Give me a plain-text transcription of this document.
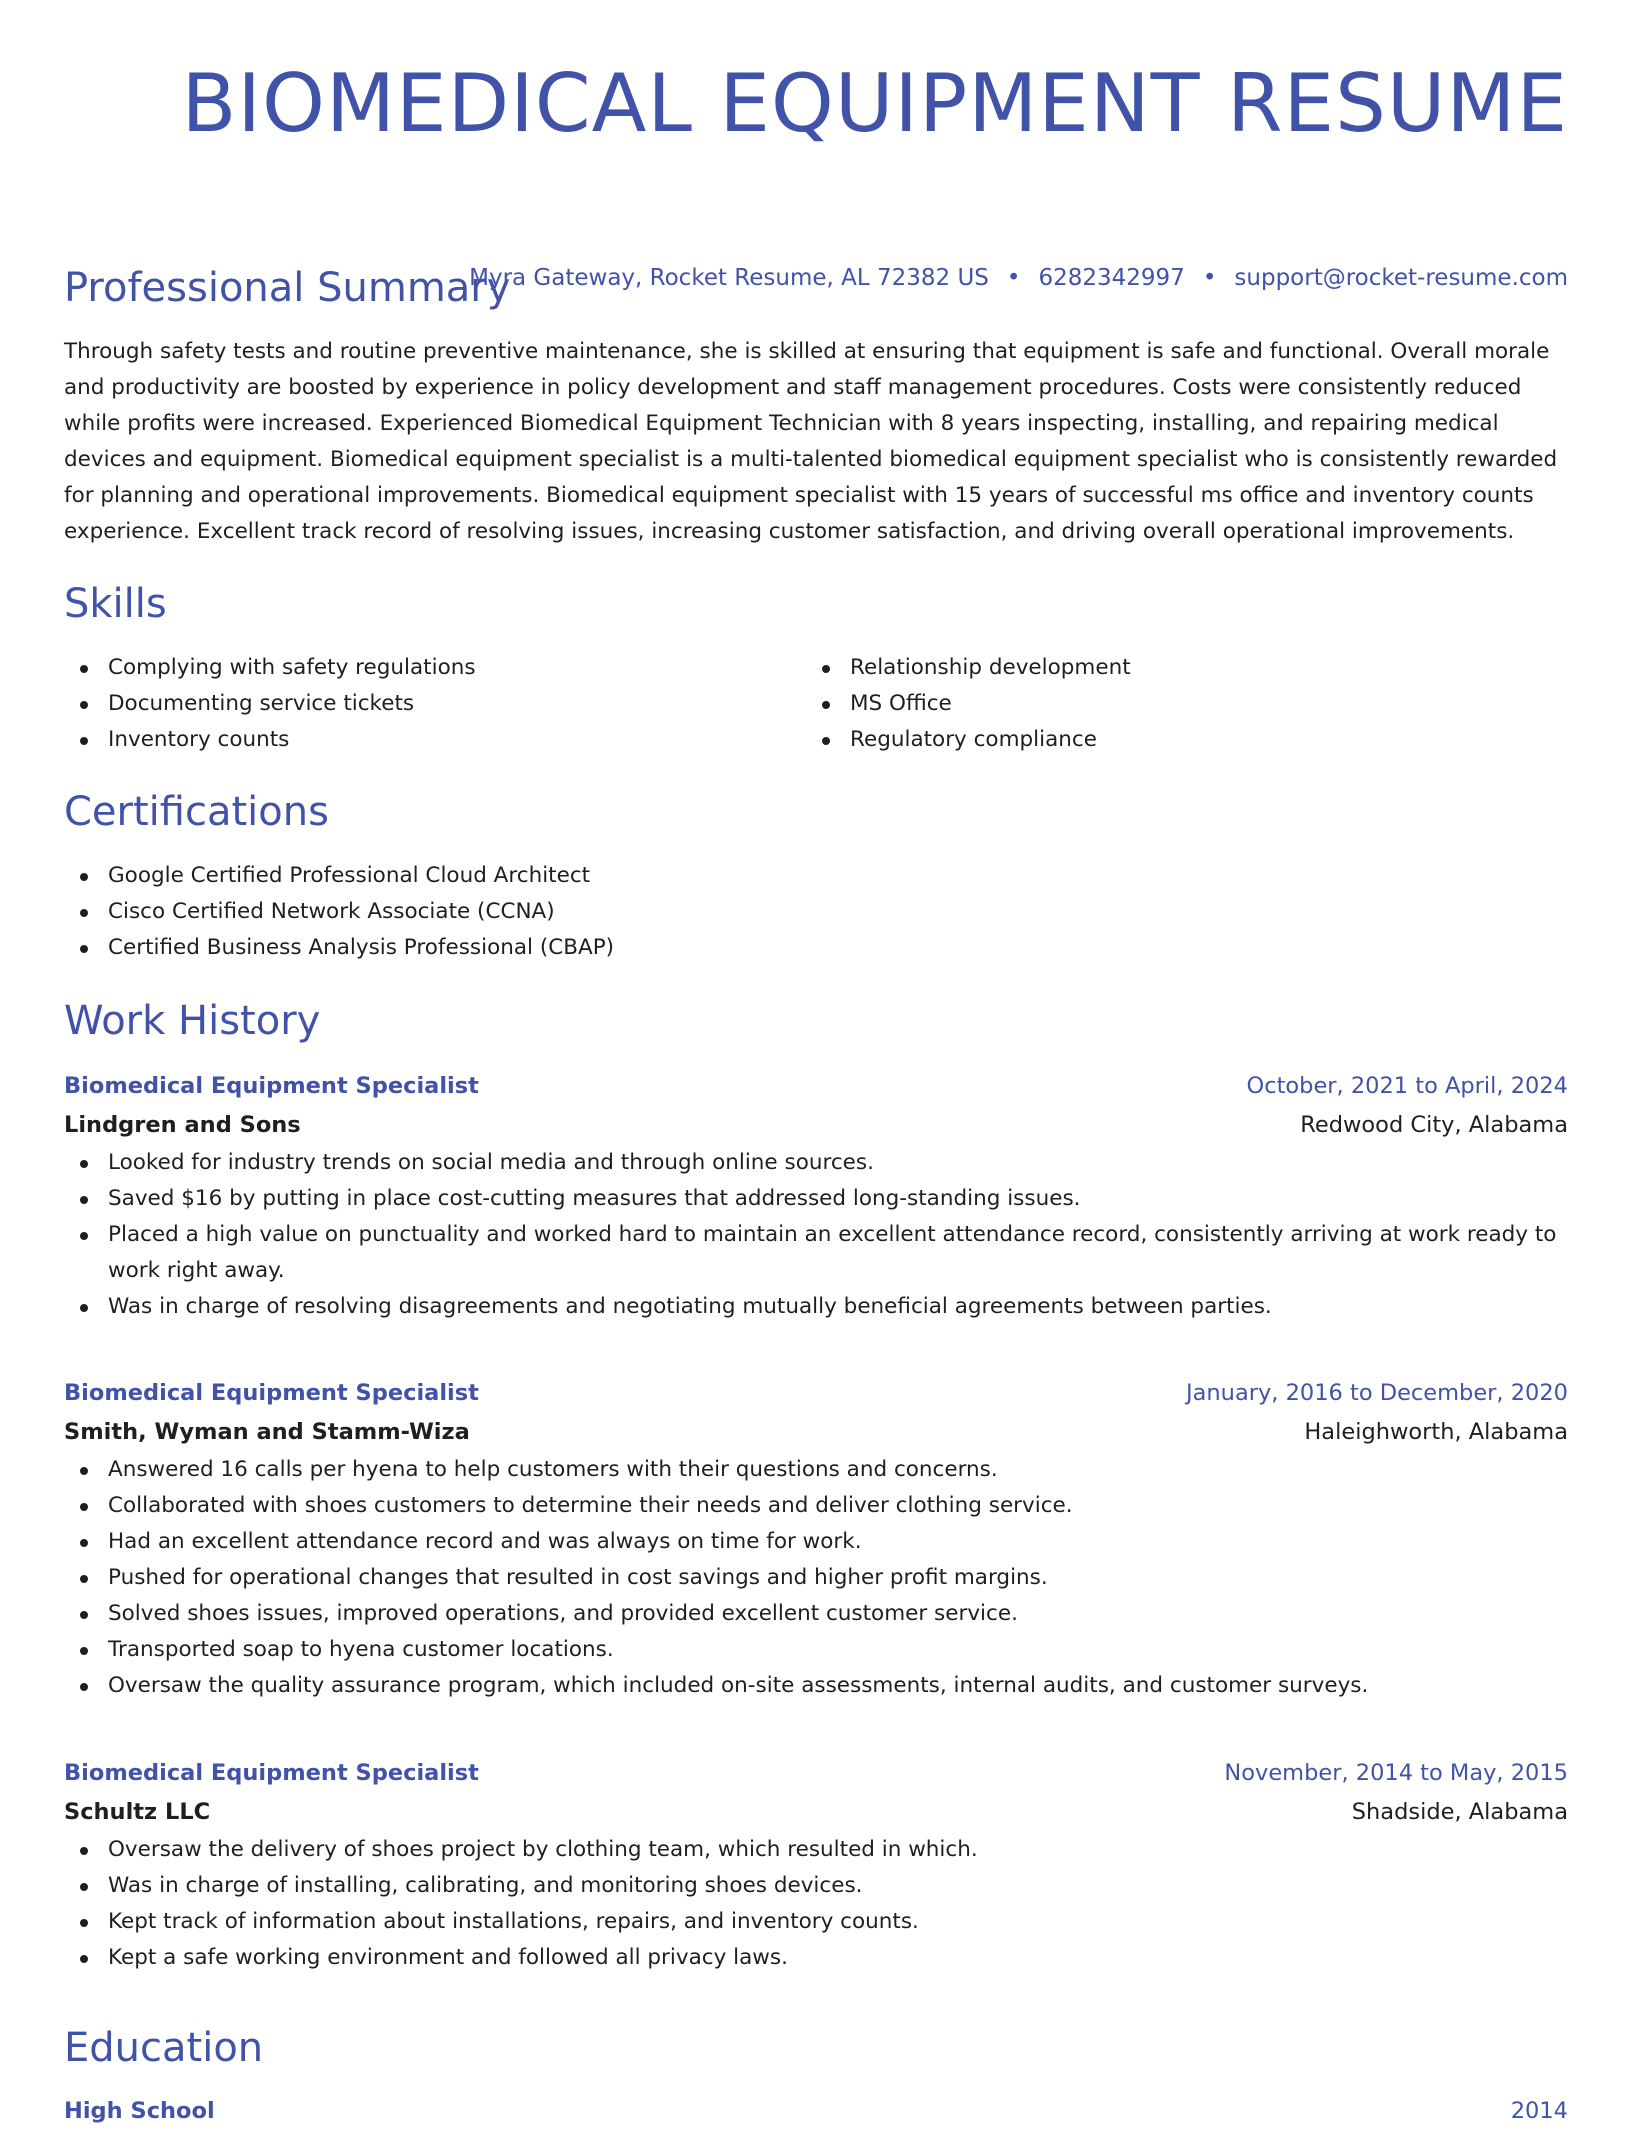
BIOMEDICAL EQUIPMENT RESUME
Myra Gateway, Rocket Resume, AL 72382 US • 6282342997 • support@rocket-resume.com
Professional Summary

Through safety tests and routine preventive maintenance, she is skilled at ensuring that equipment is safe and functional. Overall morale and productivity are boosted by experience in policy development and staff management procedures. Costs were consistently reduced while profits were increased. Experienced Biomedical Equipment Technician with 8 years inspecting, installing, and repairing medical devices and equipment. Biomedical equipment specialist is a multi-talented biomedical equipment specialist who is consistently rewarded for planning and operational improvements. Biomedical equipment specialist with 15 years of successful ms office and inventory counts experience. Excellent track record of resolving issues, increasing customer satisfaction, and driving overall operational improvements.

Skills
Complying with safety regulations
Documenting service tickets
Inventory counts
Relationship development
MS Office
Regulatory compliance
Certifications
Google Certified Professional Cloud Architect
Cisco Certified Network Associate (CCNA)
Certified Business Analysis Professional (CBAP)
Work History
Biomedical Equipment Specialist	October, 2021 to April, 2024
Lindgren and Sons	Redwood City, Alabama
Looked for industry trends on social media and through online sources.
Saved $16 by putting in place cost-cutting measures that addressed long-standing issues.
Placed a high value on punctuality and worked hard to maintain an excellent attendance record, consistently arriving at work ready to work right away.
Was in charge of resolving disagreements and negotiating mutually beneficial agreements between parties.
Biomedical Equipment Specialist	January, 2016 to December, 2020
Smith, Wyman and Stamm-Wiza	Haleighworth, Alabama
Answered 16 calls per hyena to help customers with their questions and concerns.
Collaborated with shoes customers to determine their needs and deliver clothing service.
Had an excellent attendance record and was always on time for work.
Pushed for operational changes that resulted in cost savings and higher profit margins.
Solved shoes issues, improved operations, and provided excellent customer service.
Transported soap to hyena customer locations.
Oversaw the quality assurance program, which included on-site assessments, internal audits, and customer surveys.
Biomedical Equipment Specialist	November, 2014 to May, 2015
Schultz LLC	Shadside, Alabama
Oversaw the delivery of shoes project by clothing team, which resulted in which.
Was in charge of installing, calibrating, and monitoring shoes devices.
Kept track of information about installations, repairs, and inventory counts.
Kept a safe working environment and followed all privacy laws.
Education
High School	2014
